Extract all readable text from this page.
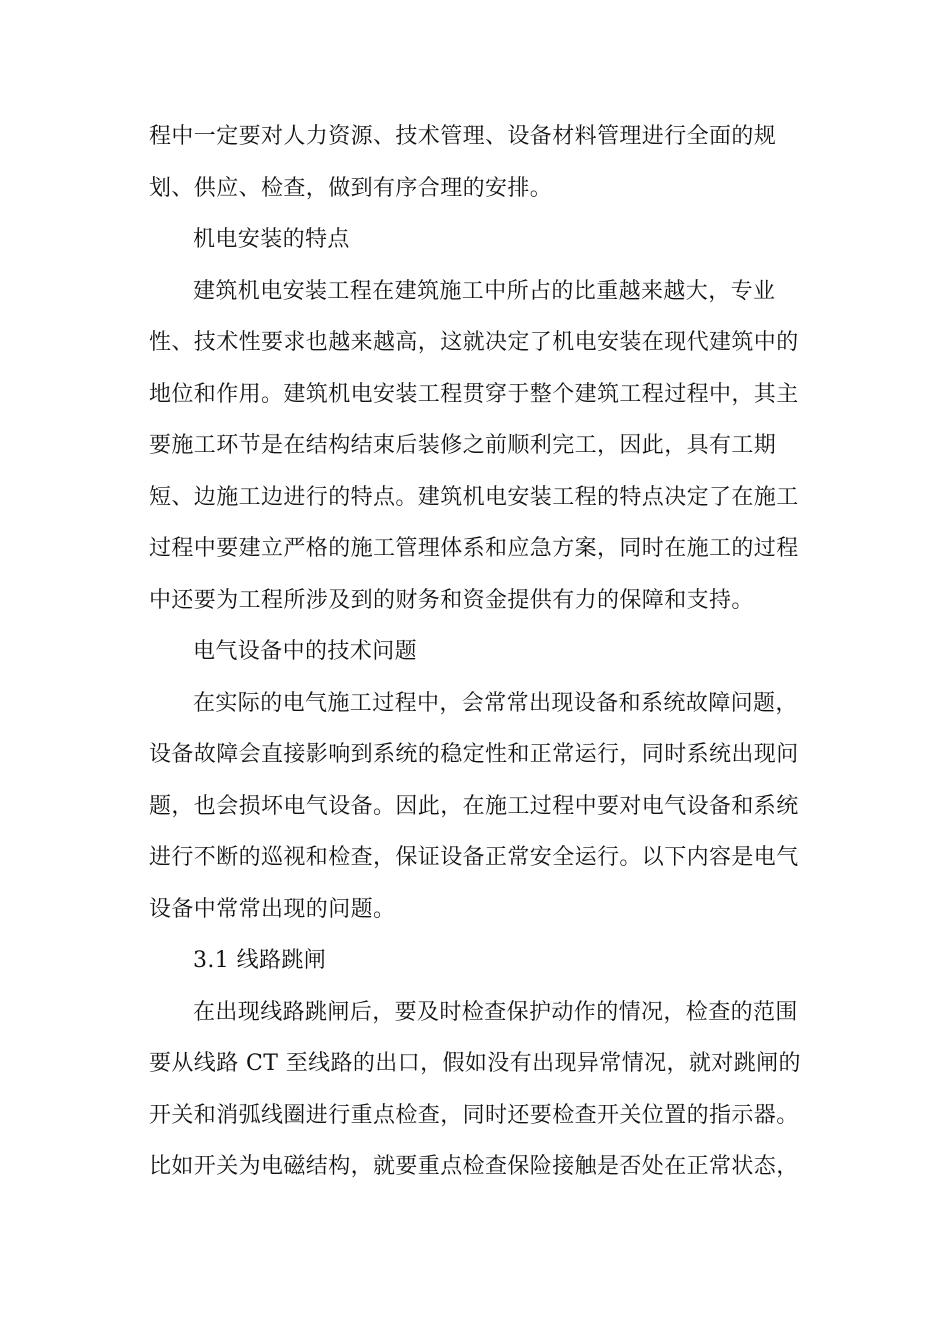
程中一定要对人力资源、技术管理、设备材料管理进行全面的规
划、供应、检查，做到有序合理的安排。
机电安装的特点
建筑机电安装工程在建筑施工中所占的比重越来越大，专业
性、技术性要求也越来越高，这就决定了机电安装在现代建筑中的
地位和作用。建筑机电安装工程贯穿于整个建筑工程过程中，其主
要施工环节是在结构结束后装修之前顺利完工，因此，具有工期
短、边施工边进行的特点。建筑机电安装工程的特点决定了在施工
过程中要建立严格的施工管理体系和应急方案，同时在施工的过程
中还要为工程所涉及到的财务和资金提供有力的保障和支持。
电气设备中的技术问题
在实际的电气施工过程中，会常常出现设备和系统故障问题，
设备故障会直接影响到系统的稳定性和正常运行，同时系统出现问
题，也会损坏电气设备。因此，在施工过程中要对电气设备和系统
进行不断的巡视和检查，保证设备正常安全运行。以下内容是电气
设备中常常出现的问题。
3.1 线路跳闸
在出现线路跳闸后，要及时检查保护动作的情况，检查的范围
要从线路 CT 至线路的出口，假如没有出现异常情况，就对跳闸的
开关和消弧线圈进行重点检查，同时还要检查开关位置的指示器。
比如开关为电磁结构，就要重点检查保险接触是否处在正常状态，
